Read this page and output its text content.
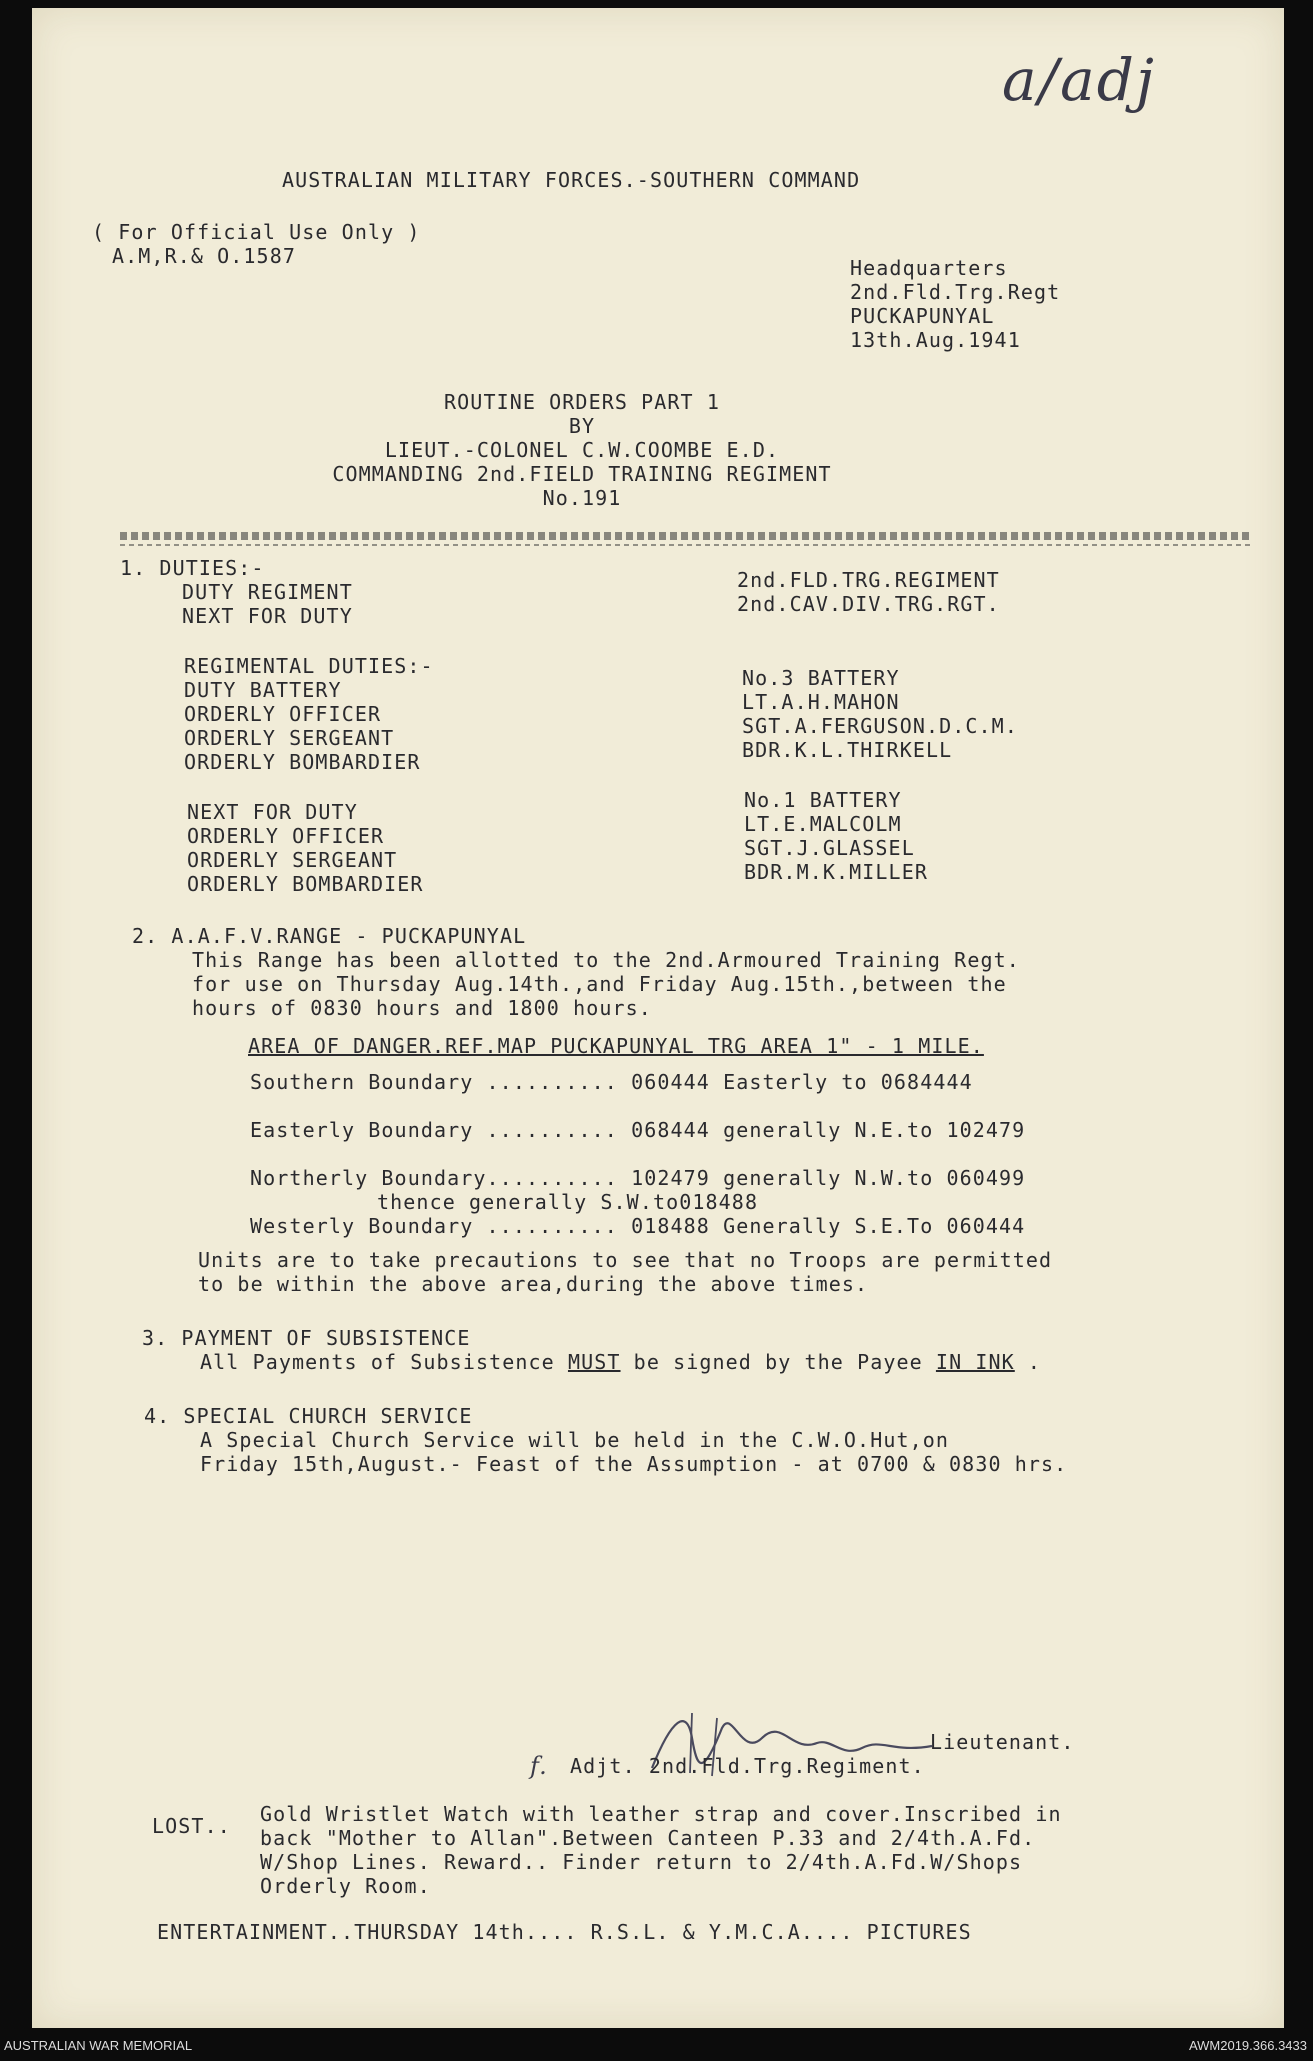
a/adj
AUSTRALIAN MILITARY FORCES.-SOUTHERN COMMAND
( For Official Use Only )
A.M,R.& O.1587	Headquarters
2nd.Fld.Trg.Regt
PUCKAPUNYAL
13th.Aug.1941
ROUTINE ORDERS PART 1
BY
LIEUT.-COLONEL C.W.COOMBE E.D.
COMMANDING 2nd.FIELD TRAINING REGIMENT
No.191
1. DUTIES:-
DUTY REGIMENT	2nd.FLD.TRG.REGIMENT
NEXT FOR DUTY	2nd.CAV.DIV.TRG.RGT.
REGIMENTAL DUTIES:-
DUTY BATTERY	No.3 BATTERY
ORDERLY OFFICER	LT.A.H.MAHON
ORDERLY SERGEANT	SGT.A.FERGUSON.D.C.M.
ORDERLY BOMBARDIER	BDR.K.L.THIRKELL
NEXT FOR DUTY	No.1 BATTERY
ORDERLY OFFICER	LT.E.MALCOLM
ORDERLY SERGEANT	SGT.J.GLASSEL
ORDERLY BOMBARDIER	BDR.M.K.MILLER
2. A.A.F.V.RANGE - PUCKAPUNYAL
This Range has been allotted to the 2nd.Armoured Training Regt.
for use on Thursday Aug.14th.,and Friday Aug.15th.,between the
hours of 0830 hours and 1800 hours.
AREA OF DANGER.REF.MAP PUCKAPUNYAL TRG AREA 1" - 1 MILE.
Southern Boundary .......... 060444 Easterly to 0684444
Easterly Boundary .......... 068444 generally N.E.to 102479
Northerly Boundary.......... 102479 generally N.W.to 060499
thence generally S.W.to018488
Westerly Boundary .......... 018488 Generally S.E.To 060444
Units are to take precautions to see that no Troops are permitted
to be within the above area,during the above times.
3. PAYMENT OF SUBSISTENCE
All Payments of Subsistence MUST be signed by the Payee IN INK .
4. SPECIAL CHURCH SERVICE
A Special Church Service will be held in the C.W.O.Hut,on
Friday 15th,August.- Feast of the Assumption - at 0700 & 0830 hrs.
Lieutenant.
f. Adjt. 2nd.Fld.Trg.Regiment.
LOST.. Gold Wristlet Watch with leather strap and cover.Inscribed in
back "Mother to Allan".Between Canteen P.33 and 2/4th.A.Fd.
W/Shop Lines. Reward.. Finder return to 2/4th.A.Fd.W/Shops
Orderly Room.
ENTERTAINMENT..THURSDAY 14th.... R.S.L. & Y.M.C.A.... PICTURES
AUSTRALIAN WAR MEMORIAL	AWM2019.366.3433
